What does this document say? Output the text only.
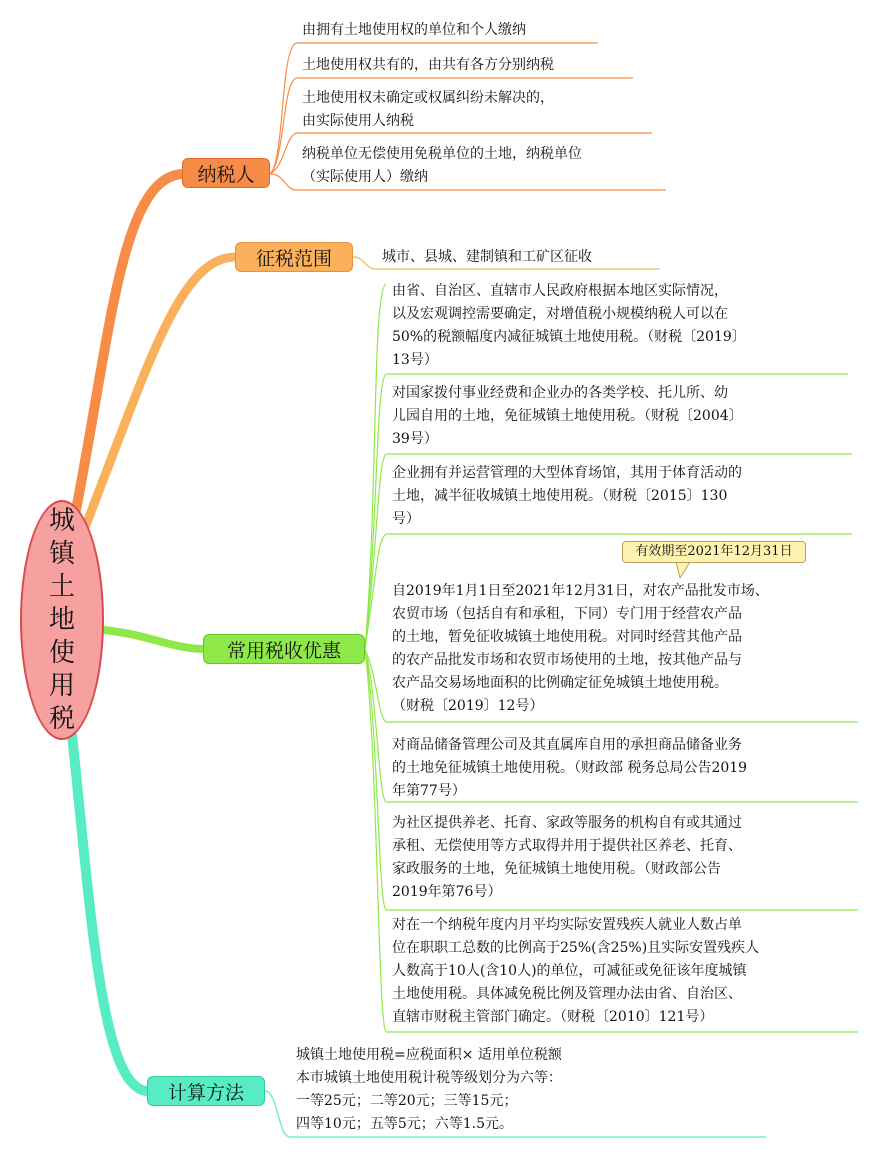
城镇土地使用税
纳税人
征税范围
常用税收优惠
计算方法
由拥有土地使用权的单位和个人缴纳
土地使用权共有的，由共有各方分别纳税
土地使用权未确定或权属纠纷未解决的，
由实际使用人纳税
纳税单位无偿使用免税单位的土地，纳税单位
（实际使用人）缴纳
城市、县城、建制镇和工矿区征收
由省、自治区、直辖市人民政府根据本地区实际情况，
以及宏观调控需要确定，对增值税小规模纳税人可以在
50%的税额幅度内减征城镇土地使用税。（财税〔2019〕
13号）
对国家拨付事业经费和企业办的各类学校、托儿所、幼
儿园自用的土地，免征城镇土地使用税。（财税〔2004〕
39号）
企业拥有并运营管理的大型体育场馆，其用于体育活动的
土地，减半征收城镇土地使用税。（财税〔2015〕130
号）
有效期至2021年12月31日
自2019年1月1日至2021年12月31日，对农产品批发市场、
农贸市场（包括自有和承租，下同）专门用于经营农产品
的土地，暂免征收城镇土地使用税。对同时经营其他产品
的农产品批发市场和农贸市场使用的土地，按其他产品与
农产品交易场地面积的比例确定征免城镇土地使用税。
（财税〔2019〕12号）
对商品储备管理公司及其直属库自用的承担商品储备业务
的土地免征城镇土地使用税。（财政部 税务总局公告2019
年第77号）
为社区提供养老、托育、家政等服务的机构自有或其通过
承租、无偿使用等方式取得并用于提供社区养老、托育、
家政服务的土地，免征城镇土地使用税。（财政部公告
2019年第76号）
对在一个纳税年度内月平均实际安置残疾人就业人数占单
位在职职工总数的比例高于25%(含25%)且实际安置残疾人
人数高于10人(含10人)的单位，可减征或免征该年度城镇
土地使用税。具体减免税比例及管理办法由省、自治区、
直辖市财税主管部门确定。（财税〔2010〕121号）
城镇土地使用税=应税面积× 适用单位税额
本市城镇土地使用税计税等级划分为六等：
一等25元；二等20元；三等15元；
四等10元；五等5元；六等1.5元。
